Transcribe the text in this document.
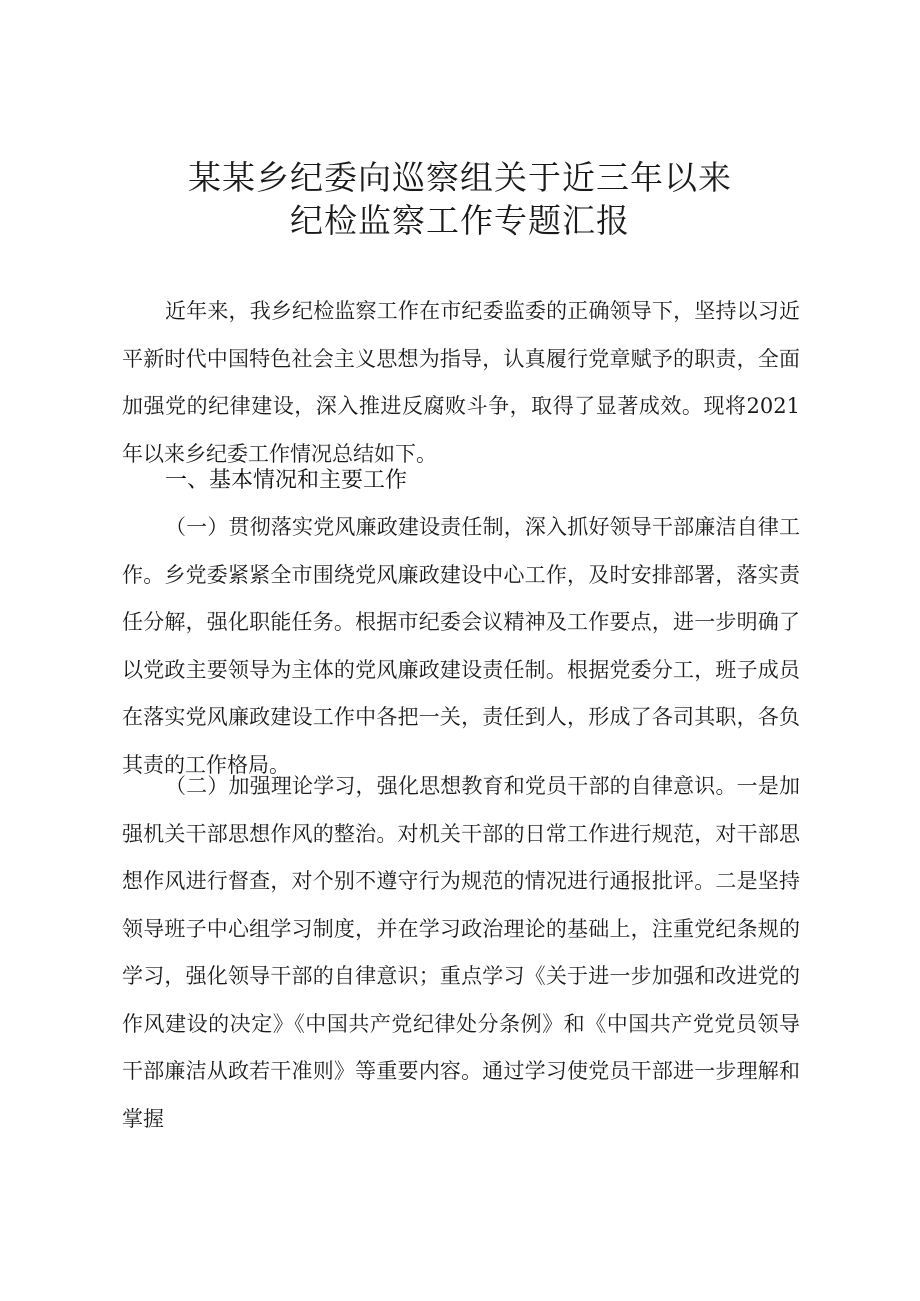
某某乡纪委向巡察组关于近三年以来
纪检监察工作专题汇报

近年来，我乡纪检监察工作在市纪委监委的正确领导下，坚持以习近平新时代中国特色社会主义思想为指导，认真履行党章赋予的职责，全面加强党的纪律建设，深入推进反腐败斗争，取得了显著成效。现将2021年以来乡纪委工作情况总结如下。

一、基本情况和主要工作

（一）贯彻落实党风廉政建设责任制，深入抓好领导干部廉洁自律工作。乡党委紧紧全市围绕党风廉政建设中心工作，及时安排部署，落实责任分解，强化职能任务。根据市纪委会议精神及工作要点，进一步明确了以党政主要领导为主体的党风廉政建设责任制。根据党委分工，班子成员在落实党风廉政建设工作中各把一关，责任到人，形成了各司其职，各负其责的工作格局。

（二）加强理论学习，强化思想教育和党员干部的自律意识。一是加强机关干部思想作风的整治。对机关干部的日常工作进行规范，对干部思想作风进行督查，对个别不遵守行为规范的情况进行通报批评。二是坚持领导班子中心组学习制度，并在学习政治理论的基础上，注重党纪条规的学习，强化领导干部的自律意识；重点学习《关于进一步加强和改进党的作风建设的决定》《中国共产党纪律处分条例》和《中国共产党党员领导干部廉洁从政若干准则》等重要内容。通过学习使党员干部进一步理解和掌握
